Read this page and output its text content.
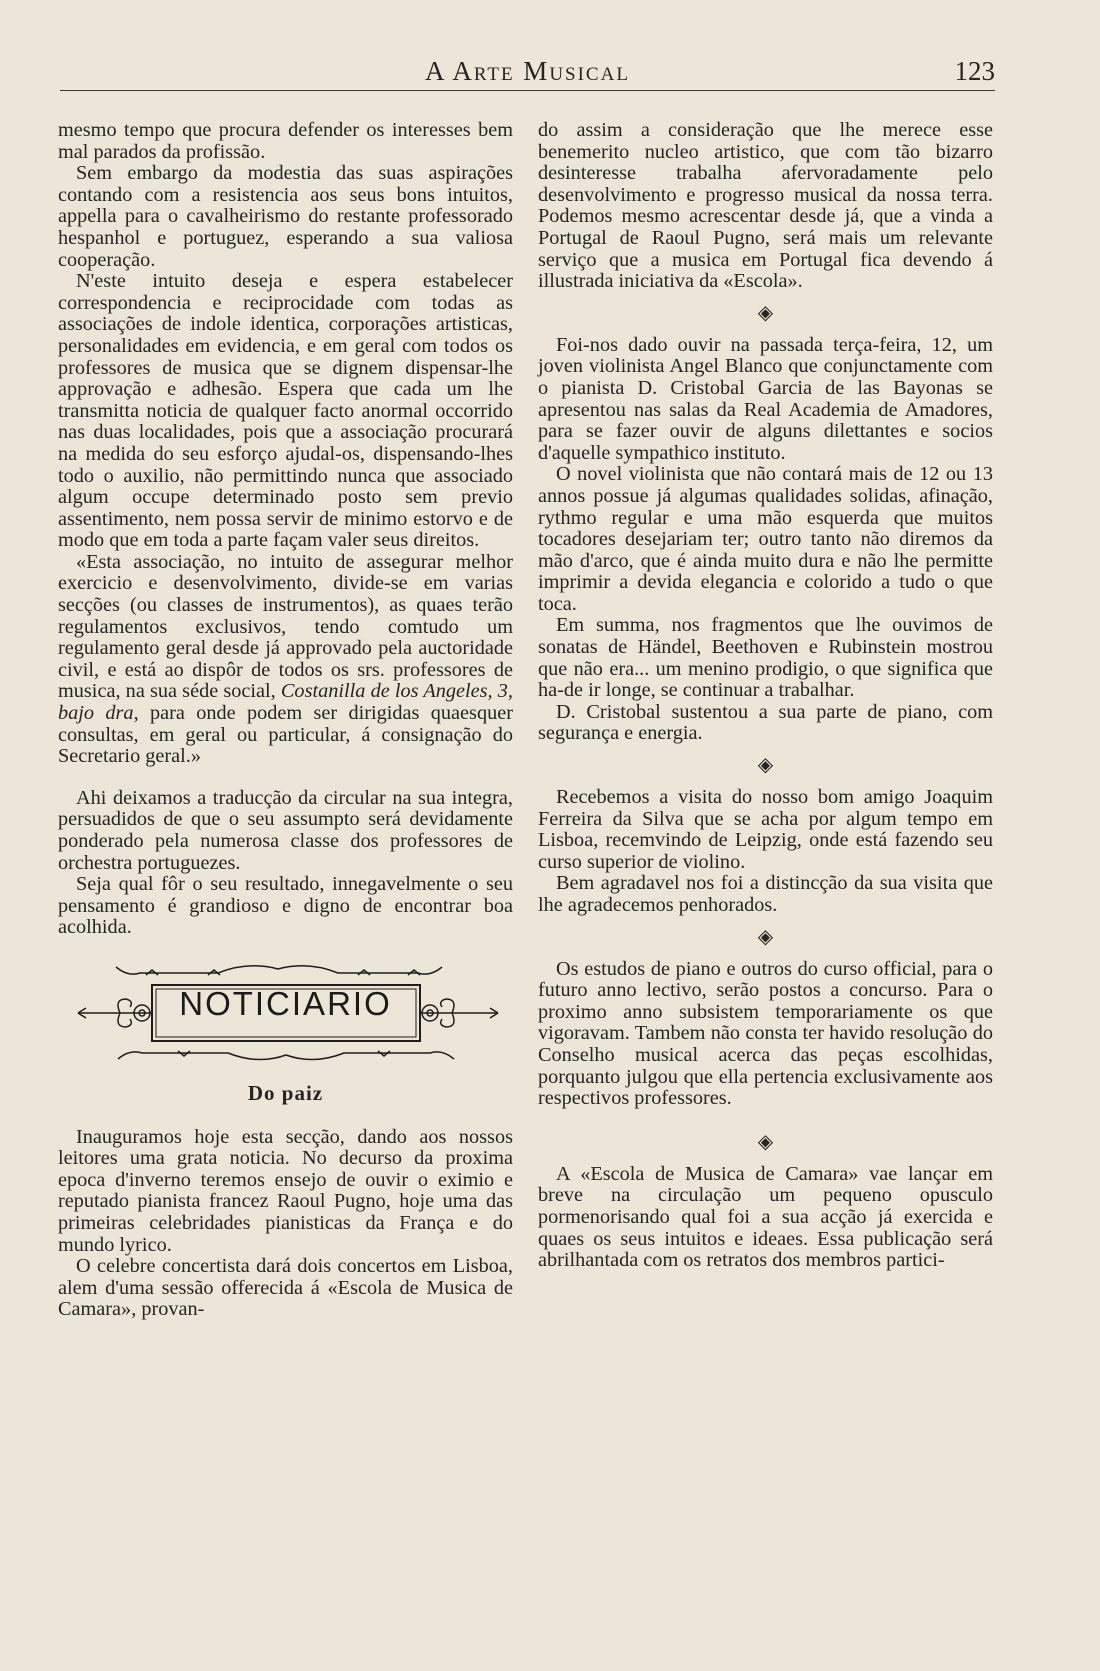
A Arte Musical	123

mesmo tempo que procura defender os interesses bem mal parados da profissão.

Sem embargo da modestia das suas aspirações contando com a resistencia aos seus bons intuitos, appella para o cavalheirismo do restante professorado hespanhol e portuguez, esperando a sua valiosa cooperação.

N'este intuito deseja e espera estabelecer correspondencia e reciprocidade com todas as associações de indole identica, corporações artisticas, personalidades em evidencia, e em geral com todos os professores de musica que se dignem dispensar-lhe approvação e adhesão. Espera que cada um lhe transmitta noticia de qualquer facto anormal occorrido nas duas localidades, pois que a associação procurará na medida do seu esforço ajudal-os, dispensando-lhes todo o auxilio, não permittindo nunca que associado algum occupe determinado posto sem previo assentimento, nem possa servir de minimo estorvo e de modo que em toda a parte façam valer seus direitos.

«Esta associação, no intuito de assegurar melhor exercicio e desenvolvimento, divide-se em varias secções (ou classes de instrumentos), as quaes terão regulamentos exclusivos, tendo comtudo um regulamento geral desde já approvado pela auctoridade civil, e está ao dispôr de todos os srs. professores de musica, na sua séde social, Costanilla de los Angeles, 3, bajo dra, para onde podem ser dirigidas quaesquer consultas, em geral ou particular, á consignação do Secretario geral.»

Ahi deixamos a traducção da circular na sua integra, persuadidos de que o seu assumpto será devidamente ponderado pela numerosa classe dos professores de orchestra portuguezes.

Seja qual fôr o seu resultado, innegavelmente o seu pensamento é grandioso e digno de encontrar boa acolhida.

NOTICIARIO
Do paiz

Inauguramos hoje esta secção, dando aos nossos leitores uma grata noticia. No decurso da proxima epoca d'inverno teremos ensejo de ouvir o eximio e reputado pianista francez Raoul Pugno, hoje uma das primeiras celebridades pianisticas da França e do mundo lyrico.

O celebre concertista dará dois concertos em Lisboa, alem d'uma sessão offerecida á «Escola de Musica de Camara», provan-

do assim a consideração que lhe merece esse benemerito nucleo artistico, que com tão bizarro desinteresse trabalha afervoradamente pelo desenvolvimento e progresso musical da nossa terra. Podemos mesmo acrescentar desde já, que a vinda a Portugal de Raoul Pugno, será mais um relevante serviço que a musica em Portugal fica devendo á illustrada iniciativa da «Escola».

◈

Foi-nos dado ouvir na passada terça-feira, 12, um joven violinista Angel Blanco que conjunctamente com o pianista D. Cristobal Garcia de las Bayonas se apresentou nas salas da Real Academia de Amadores, para se fazer ouvir de alguns dilettantes e socios d'aquelle sympathico instituto.

O novel violinista que não contará mais de 12 ou 13 annos possue já algumas qualidades solidas, afinação, rythmo regular e uma mão esquerda que muitos tocadores desejariam ter; outro tanto não diremos da mão d'arco, que é ainda muito dura e não lhe permitte imprimir a devida elegancia e colorido a tudo o que toca.

Em summa, nos fragmentos que lhe ouvimos de sonatas de Händel, Beethoven e Rubinstein mostrou que não era... um menino prodigio, o que significa que ha-de ir longe, se continuar a trabalhar.

D. Cristobal sustentou a sua parte de piano, com segurança e energia.

◈

Recebemos a visita do nosso bom amigo Joaquim Ferreira da Silva que se acha por algum tempo em Lisboa, recemvindo de Leipzig, onde está fazendo seu curso superior de violino.

Bem agradavel nos foi a distincção da sua visita que lhe agradecemos penhorados.

◈

Os estudos de piano e outros do curso official, para o futuro anno lectivo, serão postos a concurso. Para o proximo anno subsistem temporariamente os que vigoravam. Tambem não consta ter havido resolução do Conselho musical acerca das peças escolhidas, porquanto julgou que ella pertencia exclusivamente aos respectivos professores.

◈

A «Escola de Musica de Camara» vae lançar em breve na circulação um pequeno opusculo pormenorisando qual foi a sua acção já exercida e quaes os seus intuitos e ideaes. Essa publicação será abrilhantada com os retratos dos membros partici-
